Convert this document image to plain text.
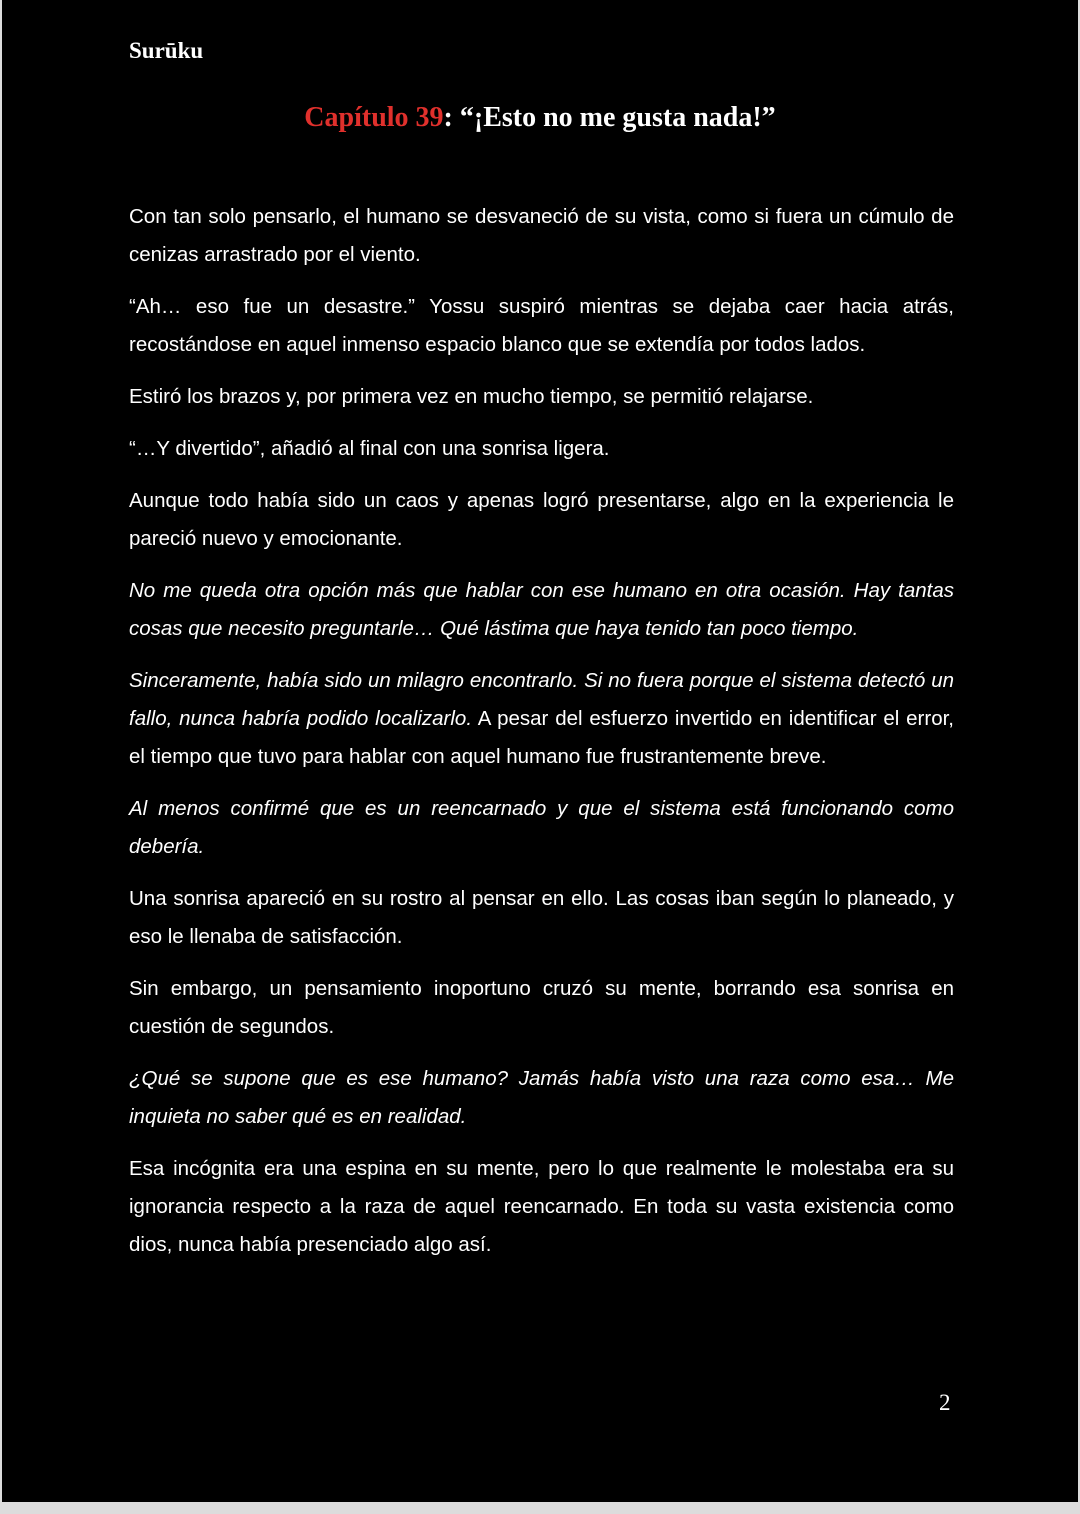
Surūku
Capítulo 39: “¡Esto no me gusta nada!”

Con tan solo pensarlo, el humano se desvaneció de su vista, como si fuera un cúmulo de cenizas arrastrado por el viento.

“Ah… eso fue un desastre.” Yossu suspiró mientras se dejaba caer hacia atrás, recostándose en aquel inmenso espacio blanco que se extendía por todos lados.

Estiró los brazos y, por primera vez en mucho tiempo, se permitió relajarse.

“…Y divertido”, añadió al final con una sonrisa ligera.

Aunque todo había sido un caos y apenas logró presentarse, algo en la experiencia le pareció nuevo y emocionante.

No me queda otra opción más que hablar con ese humano en otra ocasión. Hay tantas cosas que necesito preguntarle… Qué lástima que haya tenido tan poco tiempo.

Sinceramente, había sido un milagro encontrarlo. Si no fuera porque el sistema detectó un fallo, nunca habría podido localizarlo. A pesar del esfuerzo invertido en identificar el error, el tiempo que tuvo para hablar con aquel humano fue frustrantemente breve.

Al menos confirmé que es un reencarnado y que el sistema está funcionando como debería.

Una sonrisa apareció en su rostro al pensar en ello. Las cosas iban según lo planeado, y eso le llenaba de satisfacción.

Sin embargo, un pensamiento inoportuno cruzó su mente, borrando esa sonrisa en cuestión de segundos.

¿Qué se supone que es ese humano? Jamás había visto una raza como esa… Me inquieta no saber qué es en realidad.

Esa incógnita era una espina en su mente, pero lo que realmente le molestaba era su ignorancia respecto a la raza de aquel reencarnado. En toda su vasta existencia como dios, nunca había presenciado algo así.

2
